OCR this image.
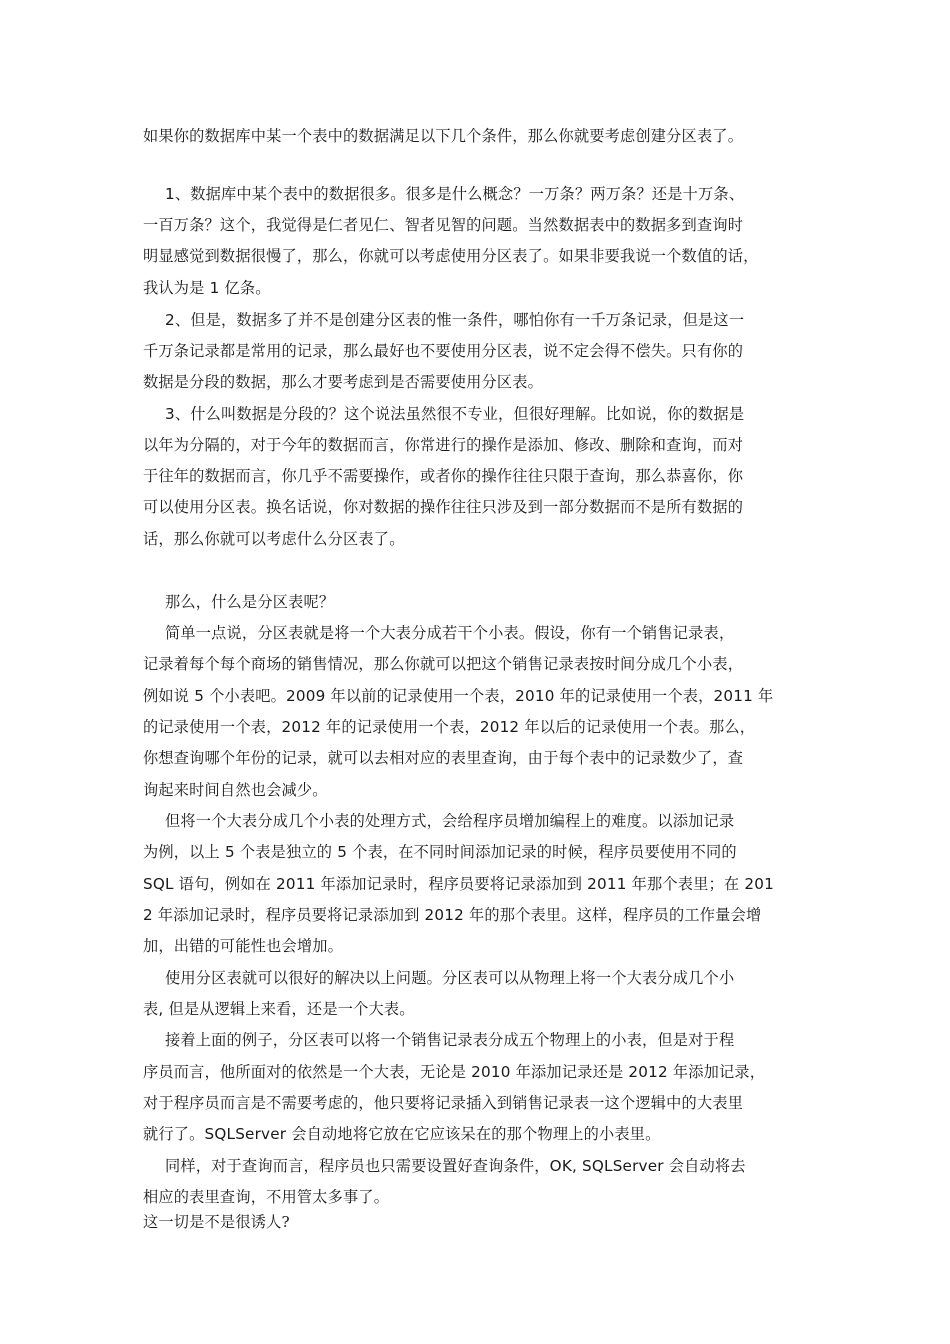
如果你的数据库中某一个表中的数据满足以下几个条件，那么你就要考虑创建分区表了。
1、数据库中某个表中的数据很多。很多是什么概念？一万条？两万条？还是十万条、
一百万条？这个，我觉得是仁者见仁、智者见智的问题。当然数据表中的数据多到查询时
明显感觉到数据很慢了，那么，你就可以考虑使用分区表了。如果非要我说一个数值的话，
我认为是 1 亿条。
2、但是，数据多了并不是创建分区表的惟一条件，哪怕你有一千万条记录，但是这一
千万条记录都是常用的记录，那么最好也不要使用分区表，说不定会得不偿失。只有你的
数据是分段的数据，那么才要考虑到是否需要使用分区表。
3、什么叫数据是分段的？这个说法虽然很不专业，但很好理解。比如说，你的数据是
以年为分隔的，对于今年的数据而言，你常进行的操作是添加、修改、删除和查询，而对
于往年的数据而言，你几乎不需要操作，或者你的操作往往只限于查询，那么恭喜你，你
可以使用分区表。换名话说，你对数据的操作往往只涉及到一部分数据而不是所有数据的
话，那么你就可以考虑什么分区表了。
那么，什么是分区表呢？
简单一点说，分区表就是将一个大表分成若干个小表。假设，你有一个销售记录表，
记录着每个每个商场的销售情况，那么你就可以把这个销售记录表按时间分成几个小表，
例如说 5 个小表吧。2009 年以前的记录使用一个表，2010 年的记录使用一个表，2011 年
的记录使用一个表，2012 年的记录使用一个表，2012 年以后的记录使用一个表。那么，
你想查询哪个年份的记录，就可以去相对应的表里查询，由于每个表中的记录数少了，查
询起来时间自然也会减少。
但将一个大表分成几个小表的处理方式，会给程序员增加编程上的难度。以添加记录
为例，以上 5 个表是独立的 5 个表，在不同时间添加记录的时候，程序员要使用不同的
SQL 语句，例如在 2011 年添加记录时，程序员要将记录添加到 2011 年那个表里；在 201
2 年添加记录时，程序员要将记录添加到 2012 年的那个表里。这样，程序员的工作量会增
加，出错的可能性也会增加。
使用分区表就可以很好的解决以上问题。分区表可以从物理上将一个大表分成几个小
表, 但是从逻辑上来看，还是一个大表。
接着上面的例子，分区表可以将一个销售记录表分成五个物理上的小表，但是对于程
序员而言，他所面对的依然是一个大表，无论是 2010 年添加记录还是 2012 年添加记录，
对于程序员而言是不需要考虑的，他只要将记录插入到销售记录表一这个逻辑中的大表里
就行了。SQLServer 会自动地将它放在它应该呆在的那个物理上的小表里。
同样，对于查询而言，程序员也只需要设置好查询条件，OK, SQLServer 会自动将去
相应的表里查询，不用管太多事了。
这一切是不是很诱人?
